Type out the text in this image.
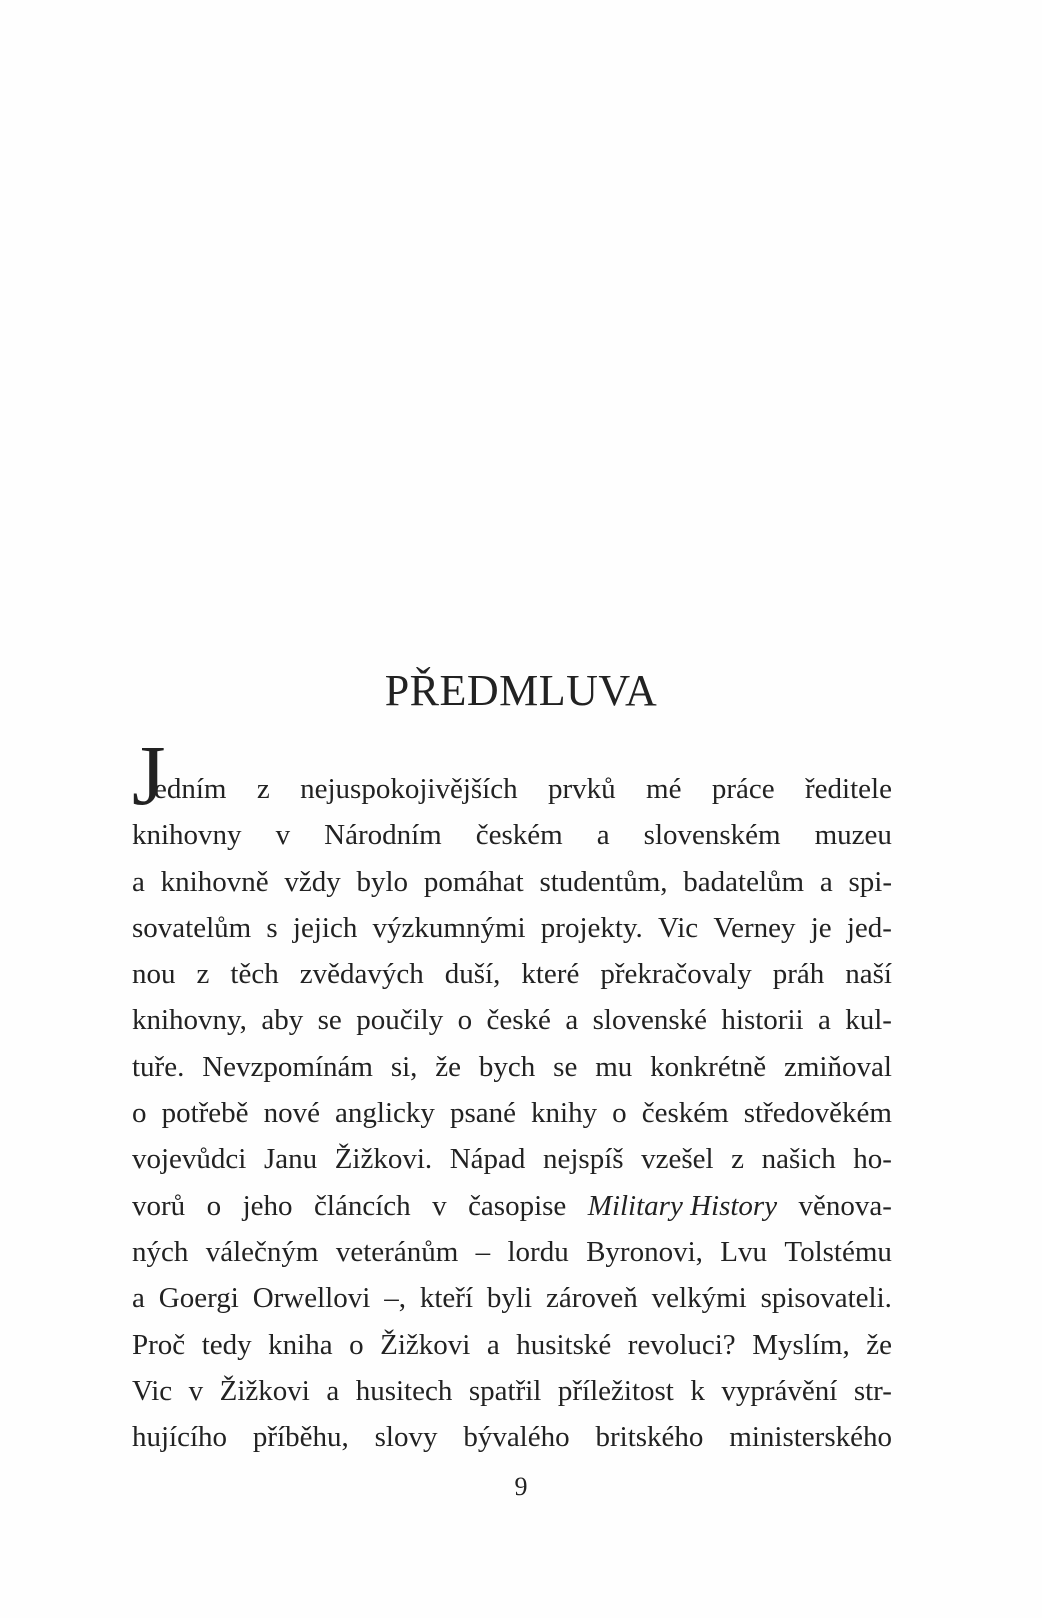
PŘEDMLUVA
J
edním z nejuspokojivějších prvků mé práce ředitele
knihovny v Národním českém a slovenském muzeu
a knihovně vždy bylo pomáhat studentům, badatelům a spi-
sovatelům s jejich výzkumnými projekty. Vic Verney je jed-
nou z těch zvědavých duší, které překračovaly práh naší
knihovny, aby se poučily o české a slovenské historii a kul-
tuře. Nevzpomínám si, že bych se mu konkrétně zmiňoval
o potřebě nové anglicky psané knihy o českém středověkém
vojevůdci Janu Žižkovi. Nápad nejspíš vzešel z našich ho-
vorů o jeho článcích v časopise Military History věnova-
ných válečným veteránům – lordu Byronovi, Lvu Tolstému
a Goergi Orwellovi –, kteří byli zároveň velkými spisovateli.
Proč tedy kniha o Žižkovi a husitské revoluci? Myslím, že
Vic v Žižkovi a husitech spatřil příležitost k vyprávění str-
hujícího příběhu, slovy bývalého britského ministerského
9
